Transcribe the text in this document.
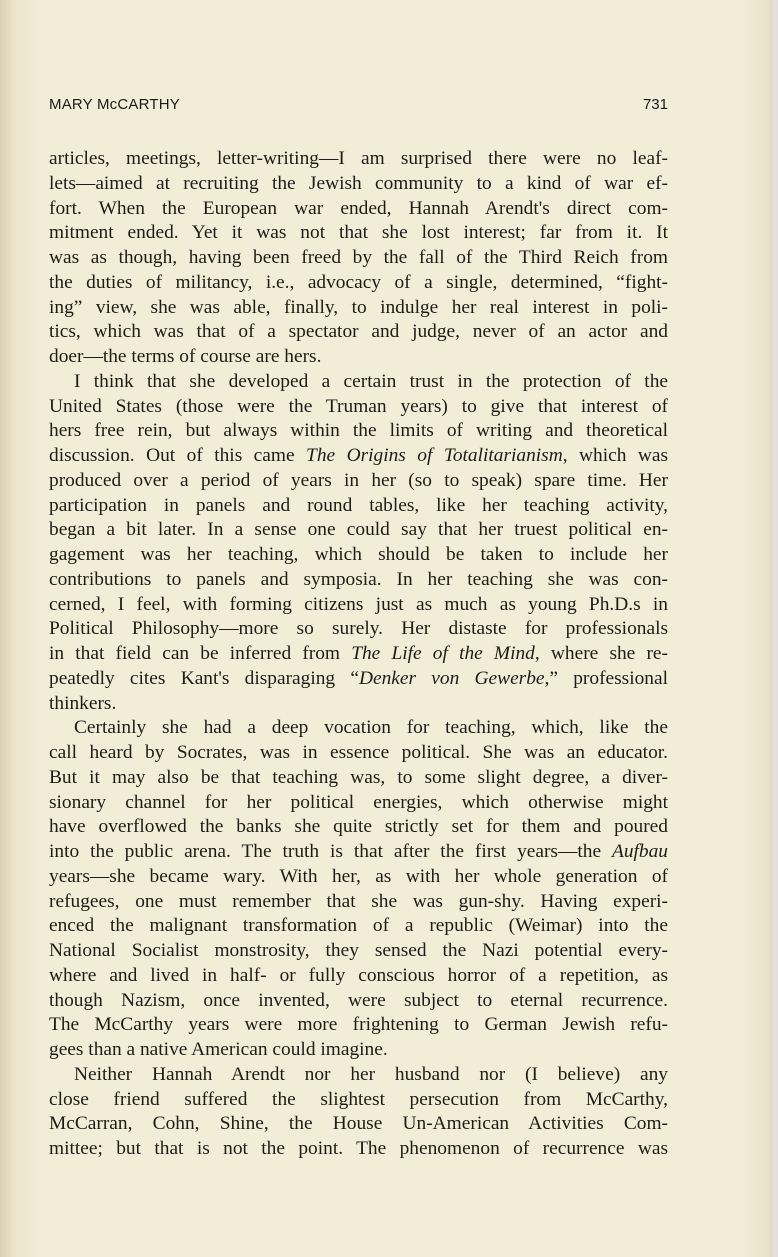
MARY McCARTHY	731
articles, meetings, letter-writing—I am surprised there were no leaf-
lets—aimed at recruiting the Jewish community to a kind of war ef-
fort. When the European war ended, Hannah Arendt's direct com-
mitment ended. Yet it was not that she lost interest; far from it. It
was as though, having been freed by the fall of the Third Reich from
the duties of militancy, i.e., advocacy of a single, determined, “fight-
ing” view, she was able, finally, to indulge her real interest in poli-
tics, which was that of a spectator and judge, never of an actor and
doer—the terms of course are hers.
I think that she developed a certain trust in the protection of the
United States (those were the Truman years) to give that interest of
hers free rein, but always within the limits of writing and theoretical
discussion. Out of this came The Origins of Totalitarianism, which was
produced over a period of years in her (so to speak) spare time. Her
participation in panels and round tables, like her teaching activity,
began a bit later. In a sense one could say that her truest political en-
gagement was her teaching, which should be taken to include her
contributions to panels and symposia. In her teaching she was con-
cerned, I feel, with forming citizens just as much as young Ph.D.s in
Political Philosophy—more so surely. Her distaste for professionals
in that field can be inferred from The Life of the Mind, where she re-
peatedly cites Kant's disparaging “Denker von Gewerbe,” professional
thinkers.
Certainly she had a deep vocation for teaching, which, like the
call heard by Socrates, was in essence political. She was an educator.
But it may also be that teaching was, to some slight degree, a diver-
sionary channel for her political energies, which otherwise might
have overflowed the banks she quite strictly set for them and poured
into the public arena. The truth is that after the first years—the Aufbau
years—she became wary. With her, as with her whole generation of
refugees, one must remember that she was gun-shy. Having experi-
enced the malignant transformation of a republic (Weimar) into the
National Socialist monstrosity, they sensed the Nazi potential every-
where and lived in half- or fully conscious horror of a repetition, as
though Nazism, once invented, were subject to eternal recurrence.
The McCarthy years were more frightening to German Jewish refu-
gees than a native American could imagine.
Neither Hannah Arendt nor her husband nor (I believe) any
close friend suffered the slightest persecution from McCarthy,
McCarran, Cohn, Shine, the House Un-American Activities Com-
mittee; but that is not the point. The phenomenon of recurrence was
